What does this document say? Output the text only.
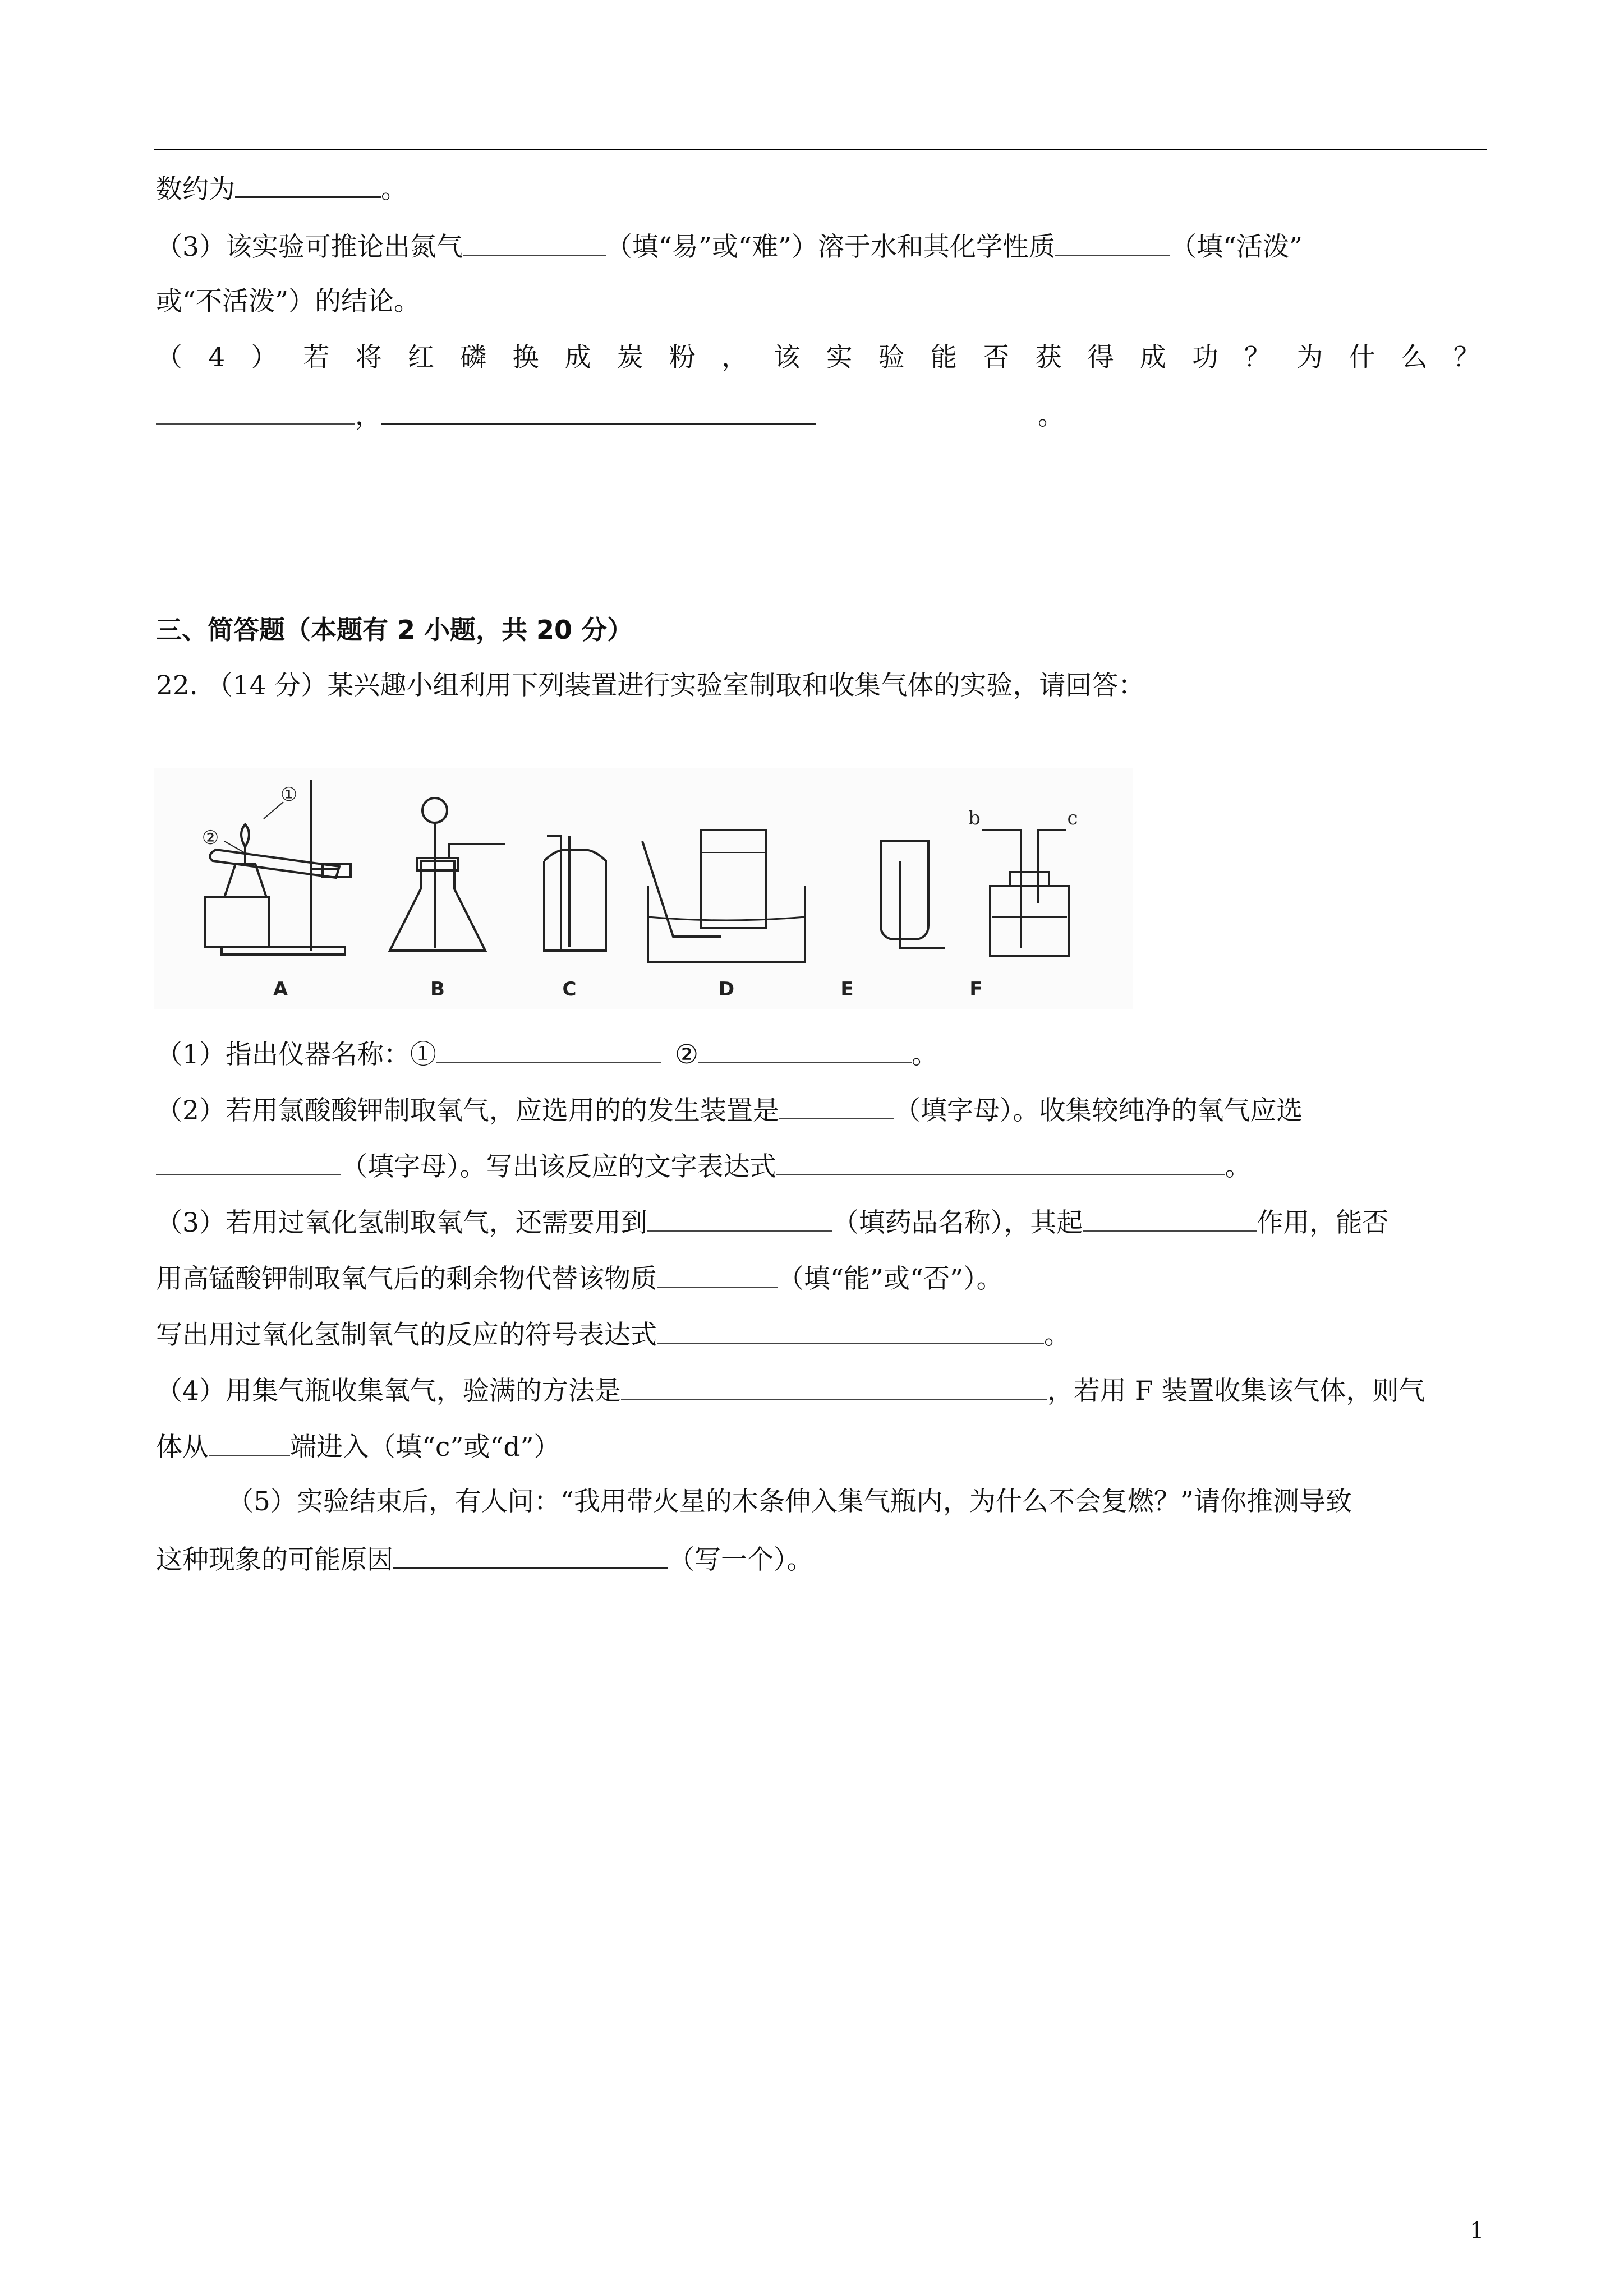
数约为	。
（3）该实验可推论出氮气	（填“易”或“难”）溶于水和其化学性质	（填“活泼”
或“不活泼”）的结论。
（ 4 ） 若 将 红 磷 换 成 炭 粉 ， 该 实 验 能 否 获 得 成 功 ？ 为 什 么 ？
，	。
三、简答题（本题有 2 小题，共 20 分）
22. （14 分）某兴趣小组利用下列装置进行实验室制取和收集气体的实验，请回答：
A	B	C	D	E	F
①
②
b	c
（1）指出仪器名称：①	②	。
（2）若用氯酸酸钾制取氧气，应选用的的发生装置是	（填字母）。收集较纯净的氧气应选
（填字母）。写出该反应的文字表达式	。
（3）若用过氧化氢制取氧气，还需要用到	（填药品名称），其起	作用，能否
用高锰酸钾制取氧气后的剩余物代替该物质	（填“能”或“否”）。
写出用过氧化氢制氧气的反应的符号表达式	。
（4）用集气瓶收集氧气，验满的方法是	，若用 F 装置收集该气体，则气
体从	端进入（填“c”或“d”）
（5）实验结束后，有人问：“我用带火星的木条伸入集气瓶内，为什么不会复燃？”请你推测导致
这种现象的可能原因	（写一个）。
1
